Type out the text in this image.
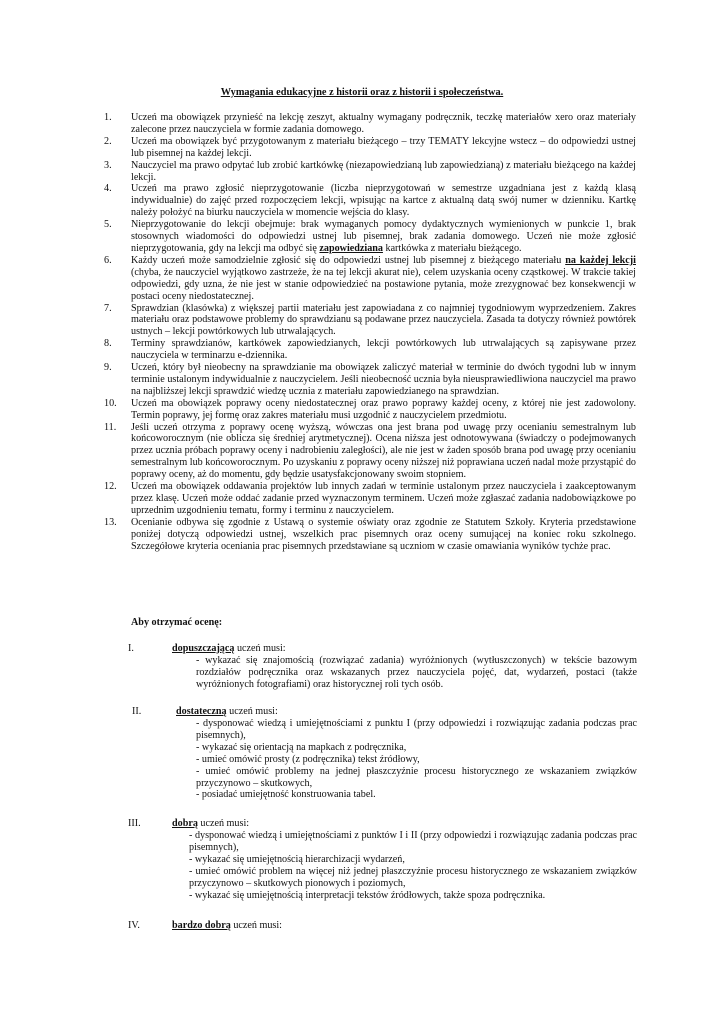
Wymagania edukacyjne z historii oraz z historii i społeczeństwa.
1. Uczeń ma obowiązek przynieść na lekcję zeszyt, aktualny wymagany podręcznik, teczkę materiałów xero oraz materiały zalecone przez nauczyciela w formie zadania domowego.
2. Uczeń ma obowiązek być przygotowanym z materiału bieżącego – trzy TEMATY lekcyjne wstecz – do odpowiedzi ustnej lub pisemnej na każdej lekcji.
3. Nauczyciel ma prawo odpytać lub zrobić kartkówkę (niezapowiedzianą lub zapowiedzianą) z materiału bieżącego na każdej lekcji.
4. Uczeń ma prawo zgłosić nieprzygotowanie (liczba nieprzygotowań w semestrze uzgadniana jest z każdą klasą indywidualnie) do zajęć przed rozpoczęciem lekcji, wpisując na kartce z aktualną datą swój numer w dzienniku. Kartkę należy położyć na biurku nauczyciela w momencie wejścia do klasy.
5. Nieprzygotowanie do lekcji obejmuje: brak wymaganych pomocy dydaktycznych wymienionych w punkcie 1, brak stosownych wiadomości do odpowiedzi ustnej lub pisemnej, brak zadania domowego. Uczeń nie może zgłosić nieprzygotowania, gdy na lekcji ma odbyć się zapowiedziana kartkówka z materiału bieżącego.
6. Każdy uczeń może samodzielnie zgłosić się do odpowiedzi ustnej lub pisemnej z bieżącego materiału na każdej lekcji (chyba, że nauczyciel wyjątkowo zastrzeże, że na tej lekcji akurat nie), celem uzyskania oceny cząstkowej. W trakcie takiej odpowiedzi, gdy uzna, że nie jest w stanie odpowiedzieć na postawione pytania, może zrezygnować bez konsekwencji w postaci oceny niedostatecznej.
7. Sprawdzian (klasówka) z większej partii materiału jest zapowiadana z co najmniej tygodniowym wyprzedzeniem. Zakres materiału oraz podstawowe problemy do sprawdzianu są podawane przez nauczyciela. Zasada ta dotyczy również powtórek ustnych – lekcji powtórkowych lub utrwalających.
8. Terminy sprawdzianów, kartkówek zapowiedzianych, lekcji powtórkowych lub utrwalających są zapisywane przez nauczyciela w terminarzu e-dziennika.
9. Uczeń, który był nieobecny na sprawdzianie ma obowiązek zaliczyć materiał w terminie do dwóch tygodni lub w innym terminie ustalonym indywidualnie z nauczycielem. Jeśli nieobecność ucznia była nieusprawiedliwiona nauczyciel ma prawo na najbliższej lekcji sprawdzić wiedzę ucznia z materiału zapowiedzianego na sprawdzian.
10. Uczeń ma obowiązek poprawy oceny niedostatecznej oraz prawo poprawy każdej oceny, z której nie jest zadowolony. Termin poprawy, jej formę oraz zakres materiału musi uzgodnić z nauczycielem przedmiotu.
11. Jeśli uczeń otrzyma z poprawy ocenę wyższą, wówczas ona jest brana pod uwagę przy ocenianiu semestralnym lub końcoworocznym (nie oblicza się średniej arytmetycznej). Ocena niższa jest odnotowywana (świadczy o podejmowanych przez ucznia próbach poprawy oceny i nadrobieniu zaległości), ale nie jest w żaden sposób brana pod uwagę przy ocenianiu semestralnym lub końcoworocznym. Po uzyskaniu z poprawy oceny niższej niż poprawiana uczeń nadal może przystąpić do poprawy oceny, aż do momentu, gdy będzie usatysfakcjonowany swoim stopniem.
12. Uczeń ma obowiązek oddawania projektów lub innych zadań w terminie ustalonym przez nauczyciela i zaakceptowanym przez klasę. Uczeń może oddać zadanie przed wyznaczonym terminem. Uczeń może zgłaszać zadania nadobowiązkowe po uprzednim uzgodnieniu tematu, formy i terminu z nauczycielem.
13. Ocenianie odbywa się zgodnie z Ustawą o systemie oświaty oraz zgodnie ze Statutem Szkoły. Kryteria przedstawione poniżej dotyczą odpowiedzi ustnej, wszelkich prac pisemnych oraz oceny sumującej na koniec roku szkolnego. Szczegółowe kryteria oceniania prac pisemnych przedstawiane są uczniom w czasie omawiania wyników tychże prac.
Aby otrzymać ocenę:
I.	dopuszczającą uczeń musi:
- wykazać się znajomością (rozwiązać zadania) wyróżnionych (wytłuszczonych) w tekście bazowym rozdziałów podręcznika oraz wskazanych przez nauczyciela pojęć, dat, wydarzeń, postaci (także wyróżnionych fotografiami) oraz historycznej roli tych osób.
II.	dostateczną uczeń musi:
- dysponować wiedzą i umiejętnościami z punktu I (przy odpowiedzi i rozwiązując zadania podczas prac pisemnych),
- wykazać się orientacją na mapkach z podręcznika,
- umieć omówić prosty (z podręcznika) tekst źródłowy,
- umieć omówić problemy na jednej płaszczyźnie procesu historycznego ze wskazaniem związków przyczynowo – skutkowych,
- posiadać umiejętność konstruowania tabel.
III.	dobrą uczeń musi:
- dysponować wiedzą i umiejętnościami z punktów I i II (przy odpowiedzi i rozwiązując zadania podczas prac pisemnych),
- wykazać się umiejętnością hierarchizacji wydarzeń,
- umieć omówić problem na więcej niż jednej płaszczyźnie procesu historycznego ze wskazaniem związków przyczynowo – skutkowych pionowych i poziomych,
- wykazać się umiejętnością interpretacji tekstów źródłowych, także spoza podręcznika.
IV.	bardzo dobrą uczeń musi:
